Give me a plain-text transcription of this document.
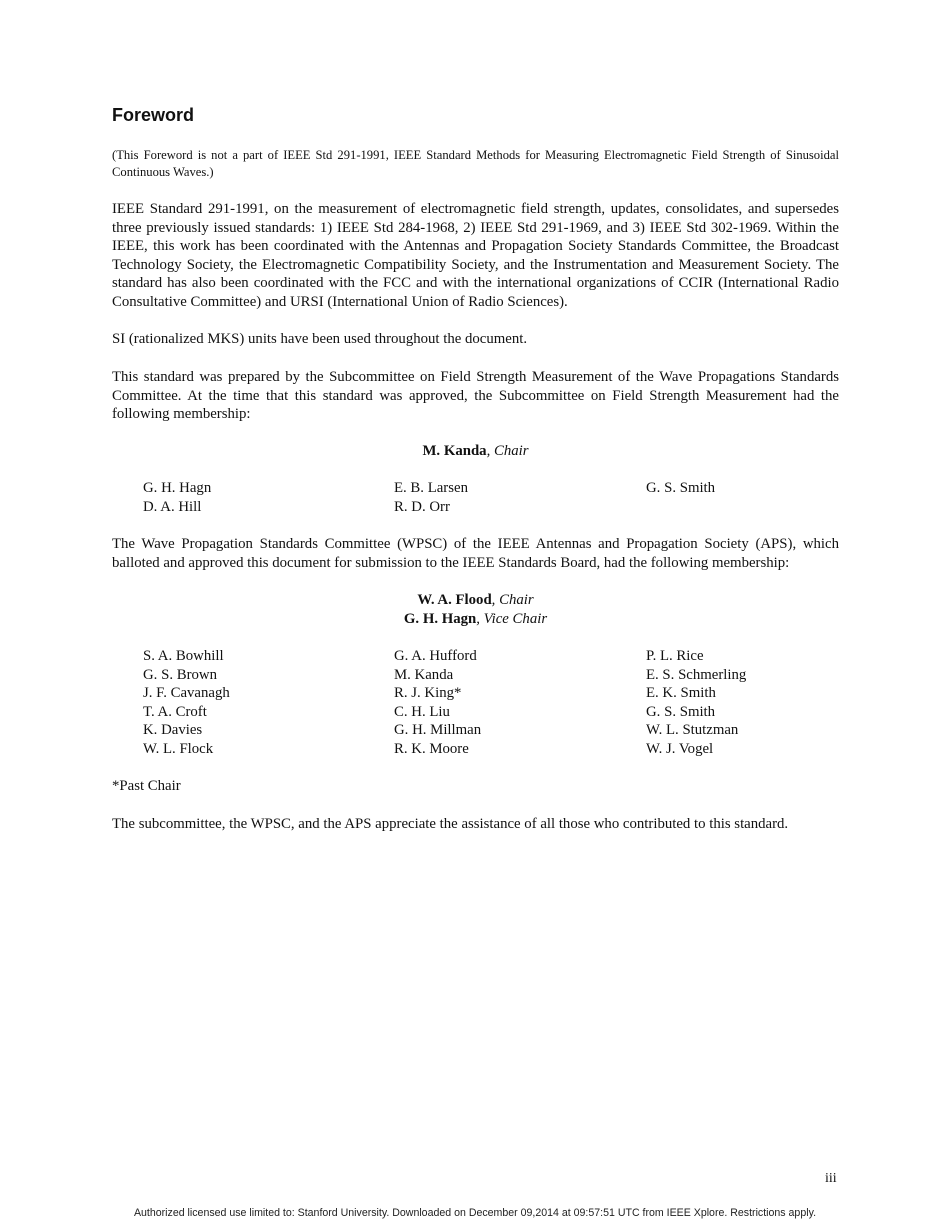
Foreword

(This Foreword is not a part of IEEE Std 291-1991, IEEE Standard Methods for Measuring Electromagnetic Field Strength of Sinusoidal Continuous Waves.)

IEEE Standard 291-1991, on the measurement of electromagnetic field strength, updates, consolidates, and supersedes three previously issued standards: 1) IEEE Std 284-1968, 2) IEEE Std 291-1969, and 3) IEEE Std 302-1969. Within the IEEE, this work has been coordinated with the Antennas and Propagation Society Standards Committee, the Broadcast Technology Society, the Electromagnetic Compatibility Society, and the Instrumentation and Measurement Society. The standard has also been coordinated with the FCC and with the international organizations of CCIR (International Radio Consultative Committee) and URSI (International Union of Radio Sciences).

SI (rationalized MKS) units have been used throughout the document.

This standard was prepared by the Subcommittee on Field Strength Measurement of the Wave Propagations Standards Committee. At the time that this standard was approved, the Subcommittee on Field Strength Measurement had the following membership:

M. Kanda, Chair
G. H. Hagn	E. B. Larsen	G. S. Smith
D. A. Hill	R. D. Orr

The Wave Propagation Standards Committee (WPSC) of the IEEE Antennas and Propagation Society (APS), which balloted and approved this document for submission to the IEEE Standards Board, had the following membership:

W. A. Flood, Chair
G. H. Hagn, Vice Chair
S. A. Bowhill	G. A. Hufford	P. L. Rice
G. S. Brown	M. Kanda	E. S. Schmerling
J. F. Cavanagh	R. J. King*	E. K. Smith
T. A. Croft	C. H. Liu	G. S. Smith
K. Davies	G. H. Millman	W. L. Stutzman
W. L. Flock	R. K. Moore	W. J. Vogel

*Past Chair

The subcommittee, the WPSC, and the APS appreciate the assistance of all those who contributed to this standard.

iii
Authorized licensed use limited to: Stanford University. Downloaded on December 09,2014 at 09:57:51 UTC from IEEE Xplore. Restrictions apply.
